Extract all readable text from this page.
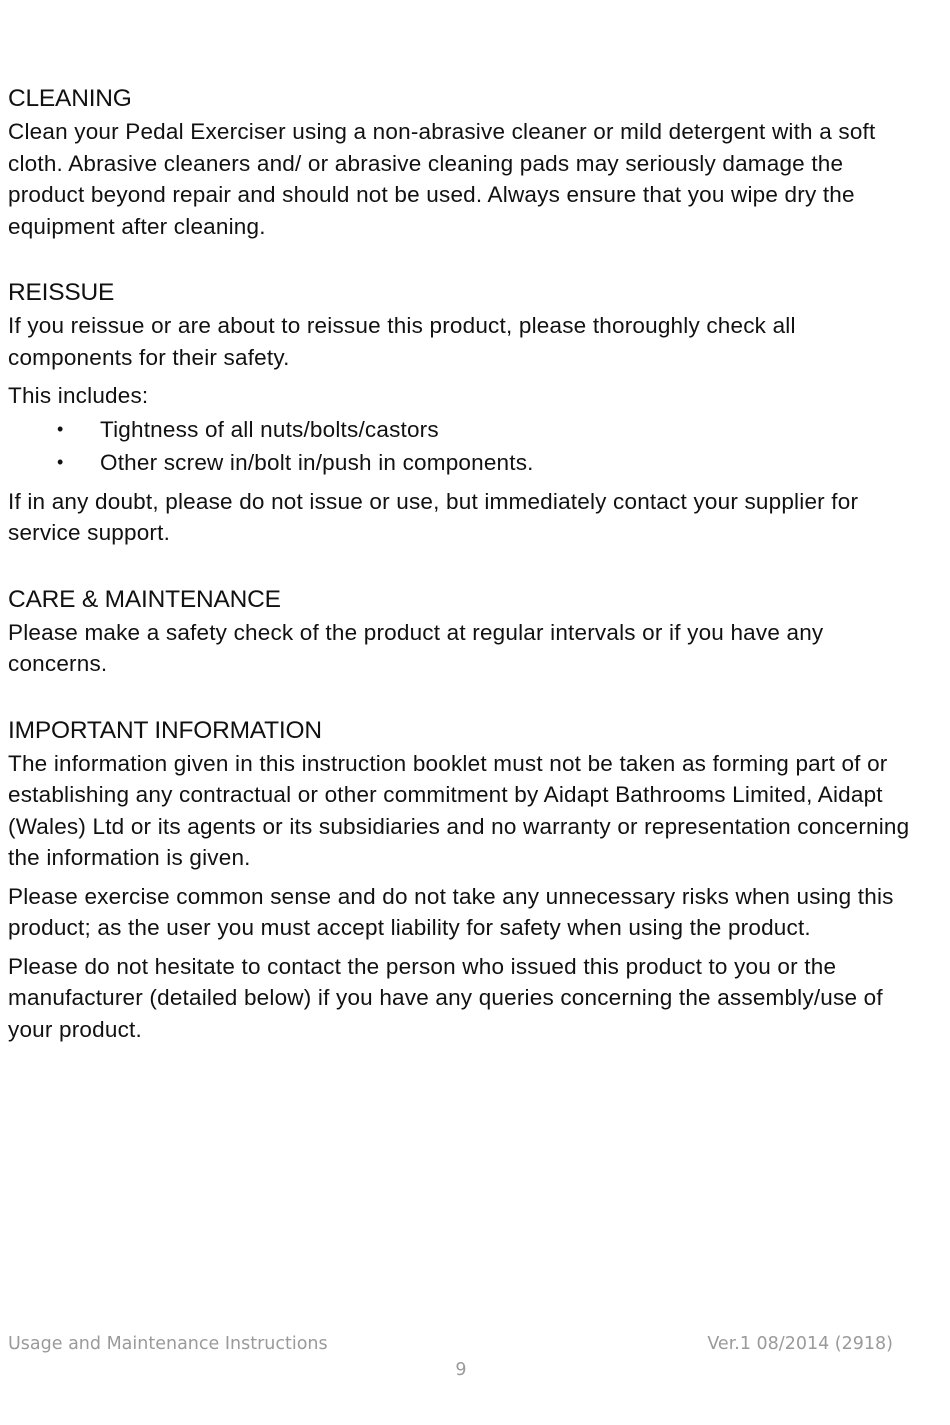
CLEANING

Clean your Pedal Exerciser using a non-abrasive cleaner or mild detergent with a soft cloth. Abrasive cleaners and/ or abrasive cleaning pads may seriously damage the product beyond repair and should not be used. Always ensure that you wipe dry the equipment after cleaning.

REISSUE

If you reissue or are about to reissue this product, please thoroughly check all components for their safety.

This includes:

• Tightness of all nuts/bolts/castors
• Other screw in/bolt in/push in components.

If in any doubt, please do not issue or use, but immediately contact your supplier for service support.

CARE & MAINTENANCE

Please make a safety check of the product at regular intervals or if you have any concerns.

IMPORTANT INFORMATION

The information given in this instruction booklet must not be taken as forming part of or establishing any contractual or other commitment by Aidapt Bathrooms Limited, Aidapt (Wales) Ltd or its agents or its subsidiaries and no warranty or representation concerning the information is given.

Please exercise common sense and do not take any unnecessary risks when using this product; as the user you must accept liability for safety when using the product.

Please do not hesitate to contact the person who issued this product to you or the manufacturer (detailed below) if you have any queries concerning the assembly/use of your product.

Usage and Maintenance Instructions	Ver.1 08/2014 (2918)
9
